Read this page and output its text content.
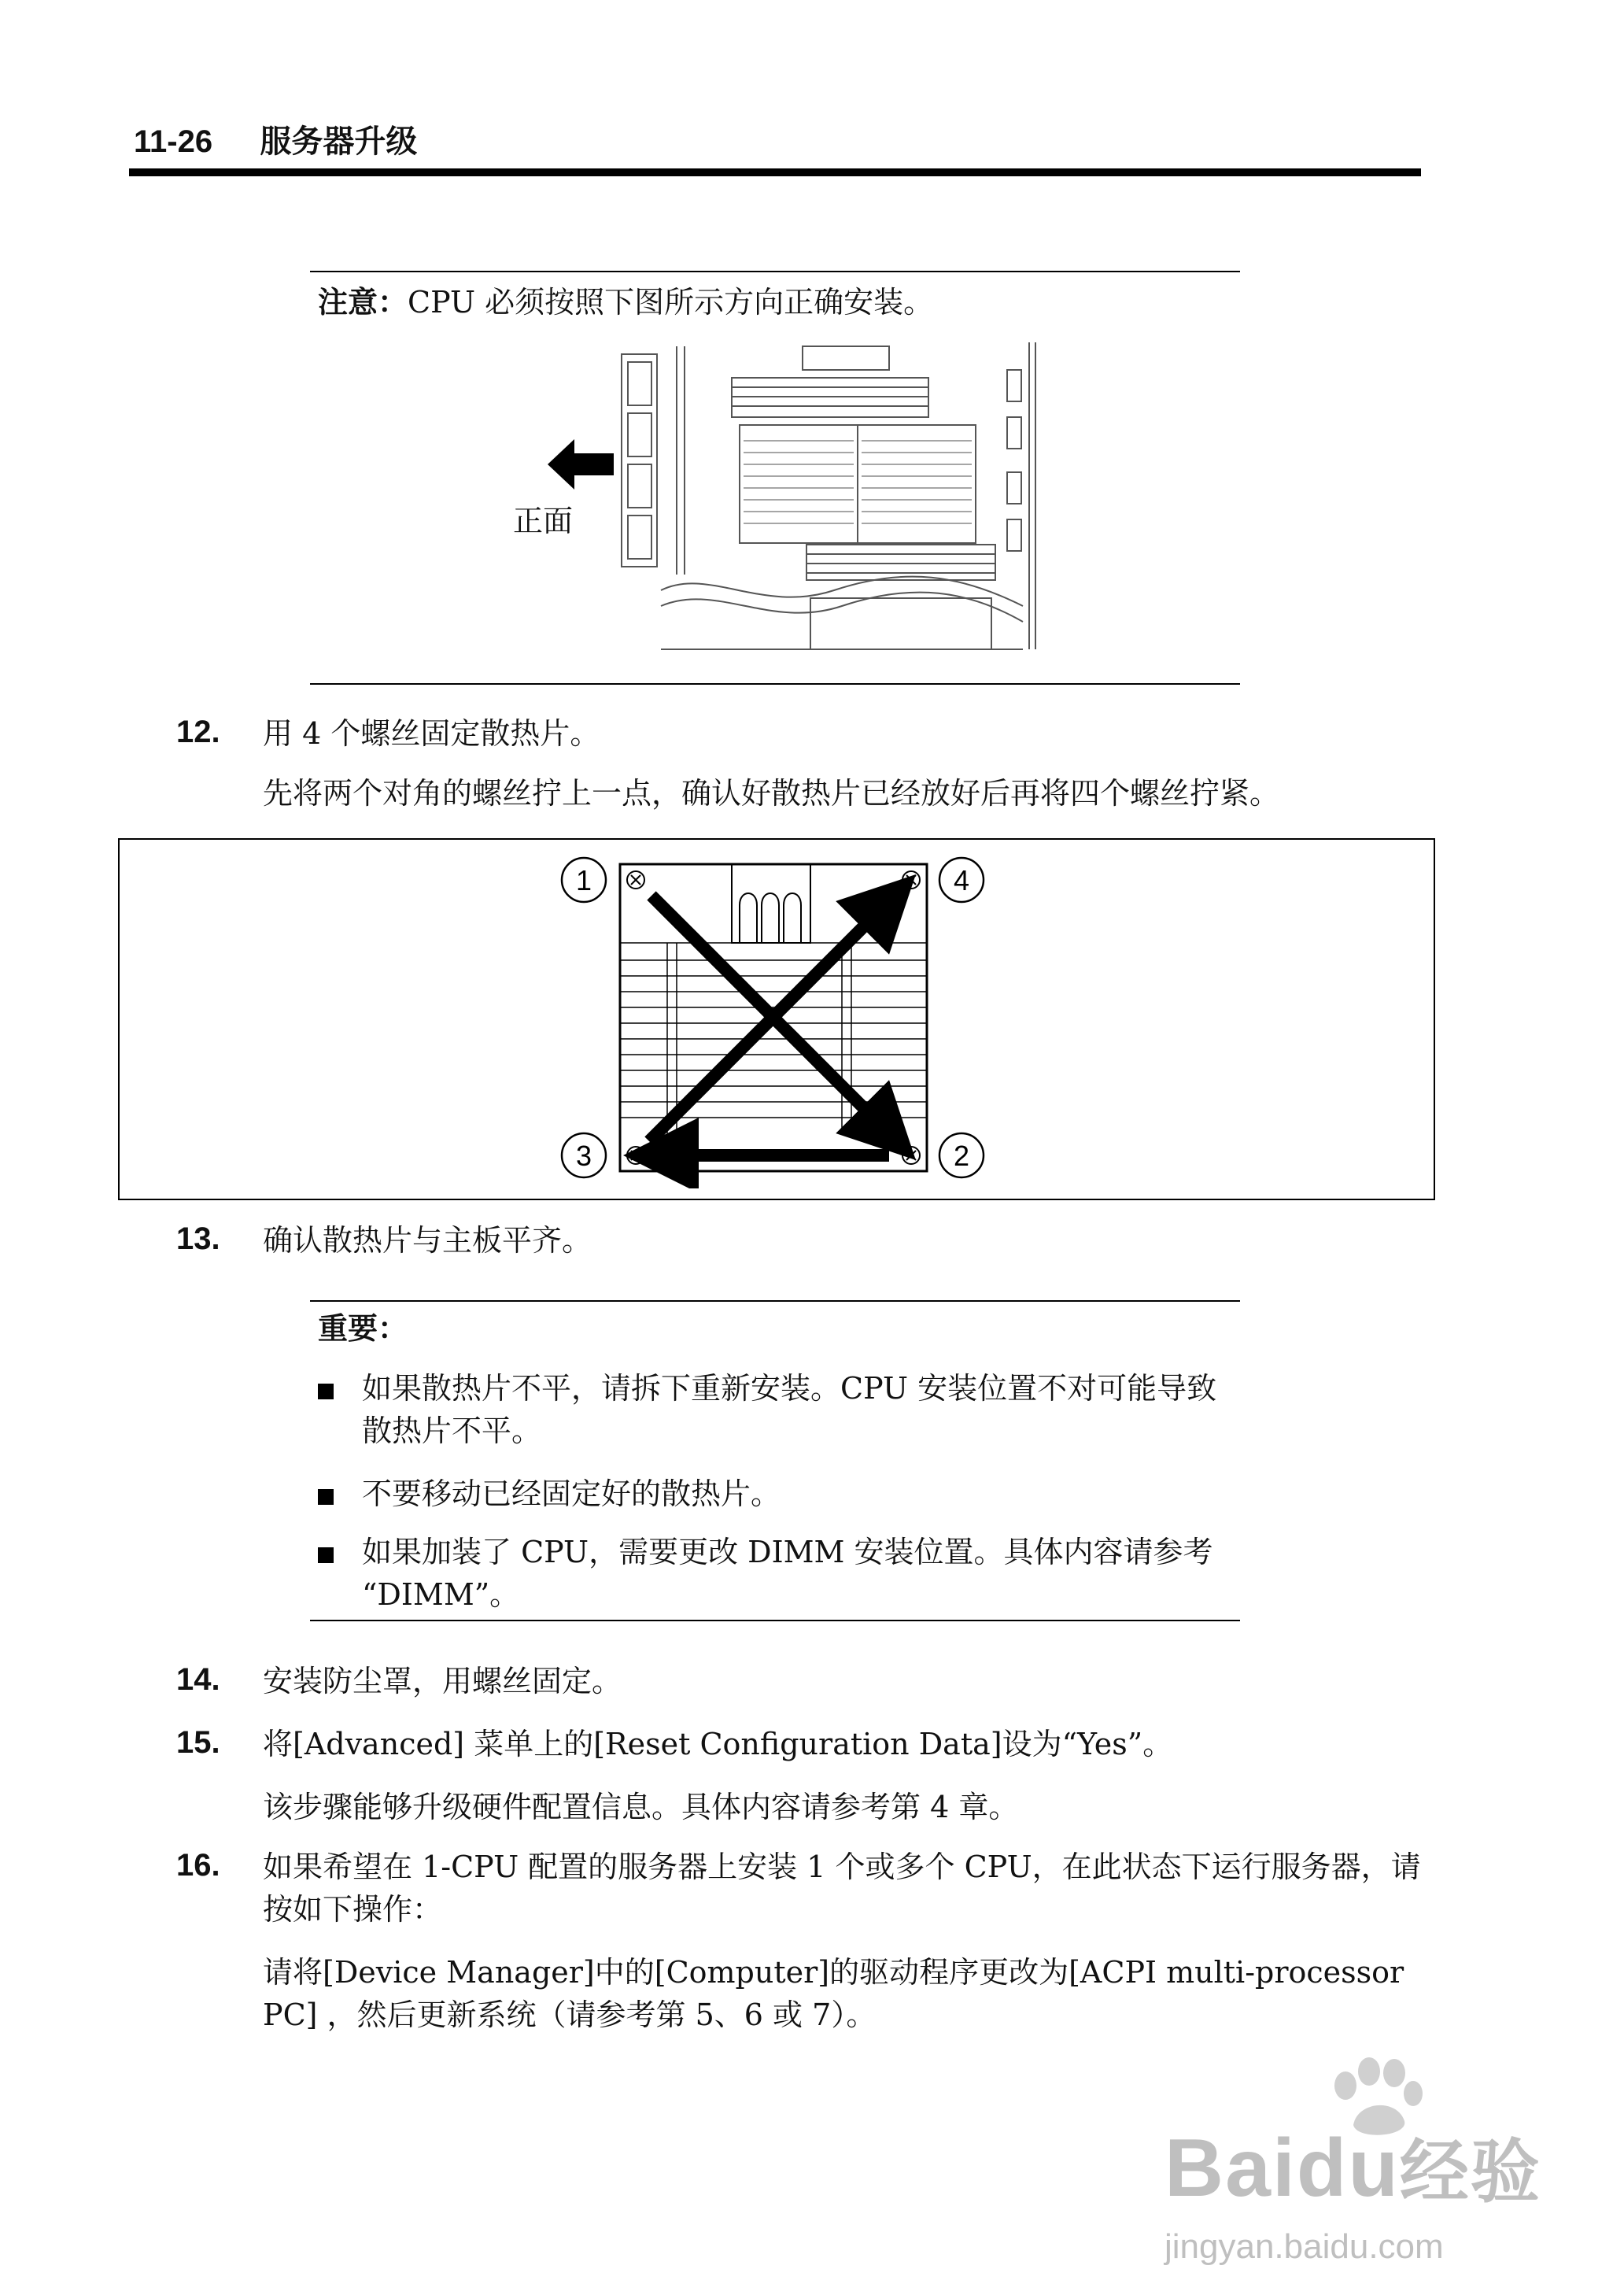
11-26 服务器升级
注意：CPU 必须按照下图所示方向正确安装。
正面
12. 用 4 个螺丝固定散热片。
先将两个对角的螺丝拧上一点，确认好散热片已经放好后再将四个螺丝拧紧。
1
2
3
4
13. 确认散热片与主板平齐。
重要：
如果散热片不平，请拆下重新安装。CPU 安装位置不对可能导致
散热片不平。
不要移动已经固定好的散热片。
如果加装了 CPU，需要更改 DIMM 安装位置。具体内容请参考
“DIMM”。
14. 安装防尘罩，用螺丝固定。
15. 将[Advanced] 菜单上的[Reset Configuration Data]设为“Yes”。
该步骤能够升级硬件配置信息。具体内容请参考第 4 章。
16. 如果希望在 1-CPU 配置的服务器上安装 1 个或多个 CPU，在此状态下运行服务器，请
按如下操作：
请将[Device Manager]中的[Computer]的驱动程序更改为[ACPI multi-processor
PC] ，然后更新系统（请参考第 5、6 或 7）。
Baidu经验
jingyan.baidu.com
